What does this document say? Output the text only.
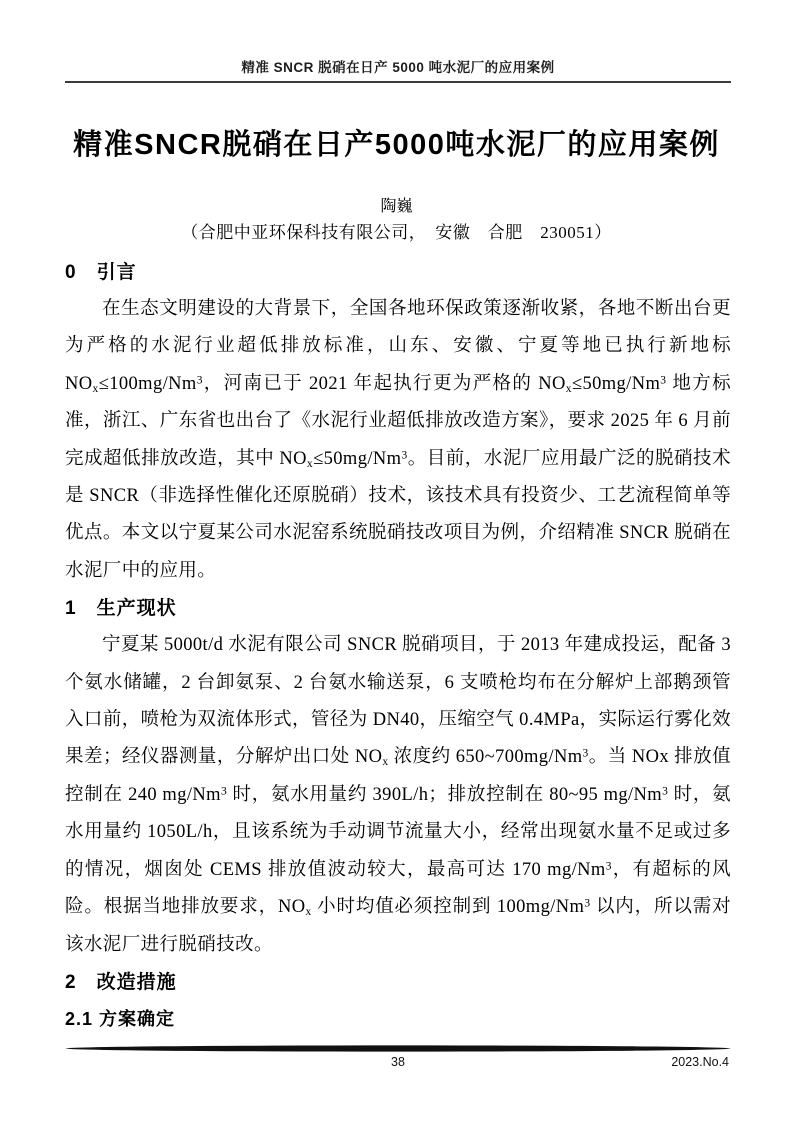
精准 SNCR 脱硝在日产 5000 吨水泥厂的应用案例
精准SNCR脱硝在日产5000吨水泥厂的应用案例
陶巍
（合肥中亚环保科技有限公司，　安徽　合肥　230051）
0　引言

在生态文明建设的大背景下，全国各地环保政策逐渐收紧，各地不断出台更为严格的水泥行业超低排放标准，山东、安徽、宁夏等地已执行新地标$NO_x\le 100mg/Nm^3$，河南已于 2021 年起执行更为严格的 $NO_x\le 50mg/Nm^3$ 地方标准，浙江、广东省也出台了《水泥行业超低排放改造方案》，要求 2025 年 6 月前完成超低排放改造，其中 $NO_x\le 50mg/Nm^3$。目前，水泥厂应用最广泛的脱硝技术是 SNCR（非选择性催化还原脱硝）技术，该技术具有投资少、工艺流程简单等优点。本文以宁夏某公司水泥窑系统脱硝技改项目为例，介绍精准 SNCR 脱硝在水泥厂中的应用。

1　生产现状

宁夏某 5000t/d 水泥有限公司 SNCR 脱硝项目，于 2013 年建成投运，配备 3 个氨水储罐，2 台卸氨泵、2 台氨水输送泵，6 支喷枪均布在分解炉上部鹅颈管入口前，喷枪为双流体形式，管径为 DN40，压缩空气 0.4MPa，实际运行雾化效果差；经仪器测量，分解炉出口处 $NO_x$ 浓度约 650~700mg/Nm$^3$。当 NOx 排放值控制在 240 mg/Nm$^3$ 时，氨水用量约 390L/h；排放控制在 80~95 mg/Nm$^3$ 时，氨水用量约 1050L/h，且该系统为手动调节流量大小，经常出现氨水量不足或过多的情况，烟囱处 CEMS 排放值波动较大，最高可达 170 mg/Nm$^3$，有超标的风险。根据当地排放要求，$NO_x$ 小时均值必须控制到 100mg/Nm$^3$ 以内，所以需对该水泥厂进行脱硝技改。

2　改造措施
2.1 方案确定
38	2023.No.4
